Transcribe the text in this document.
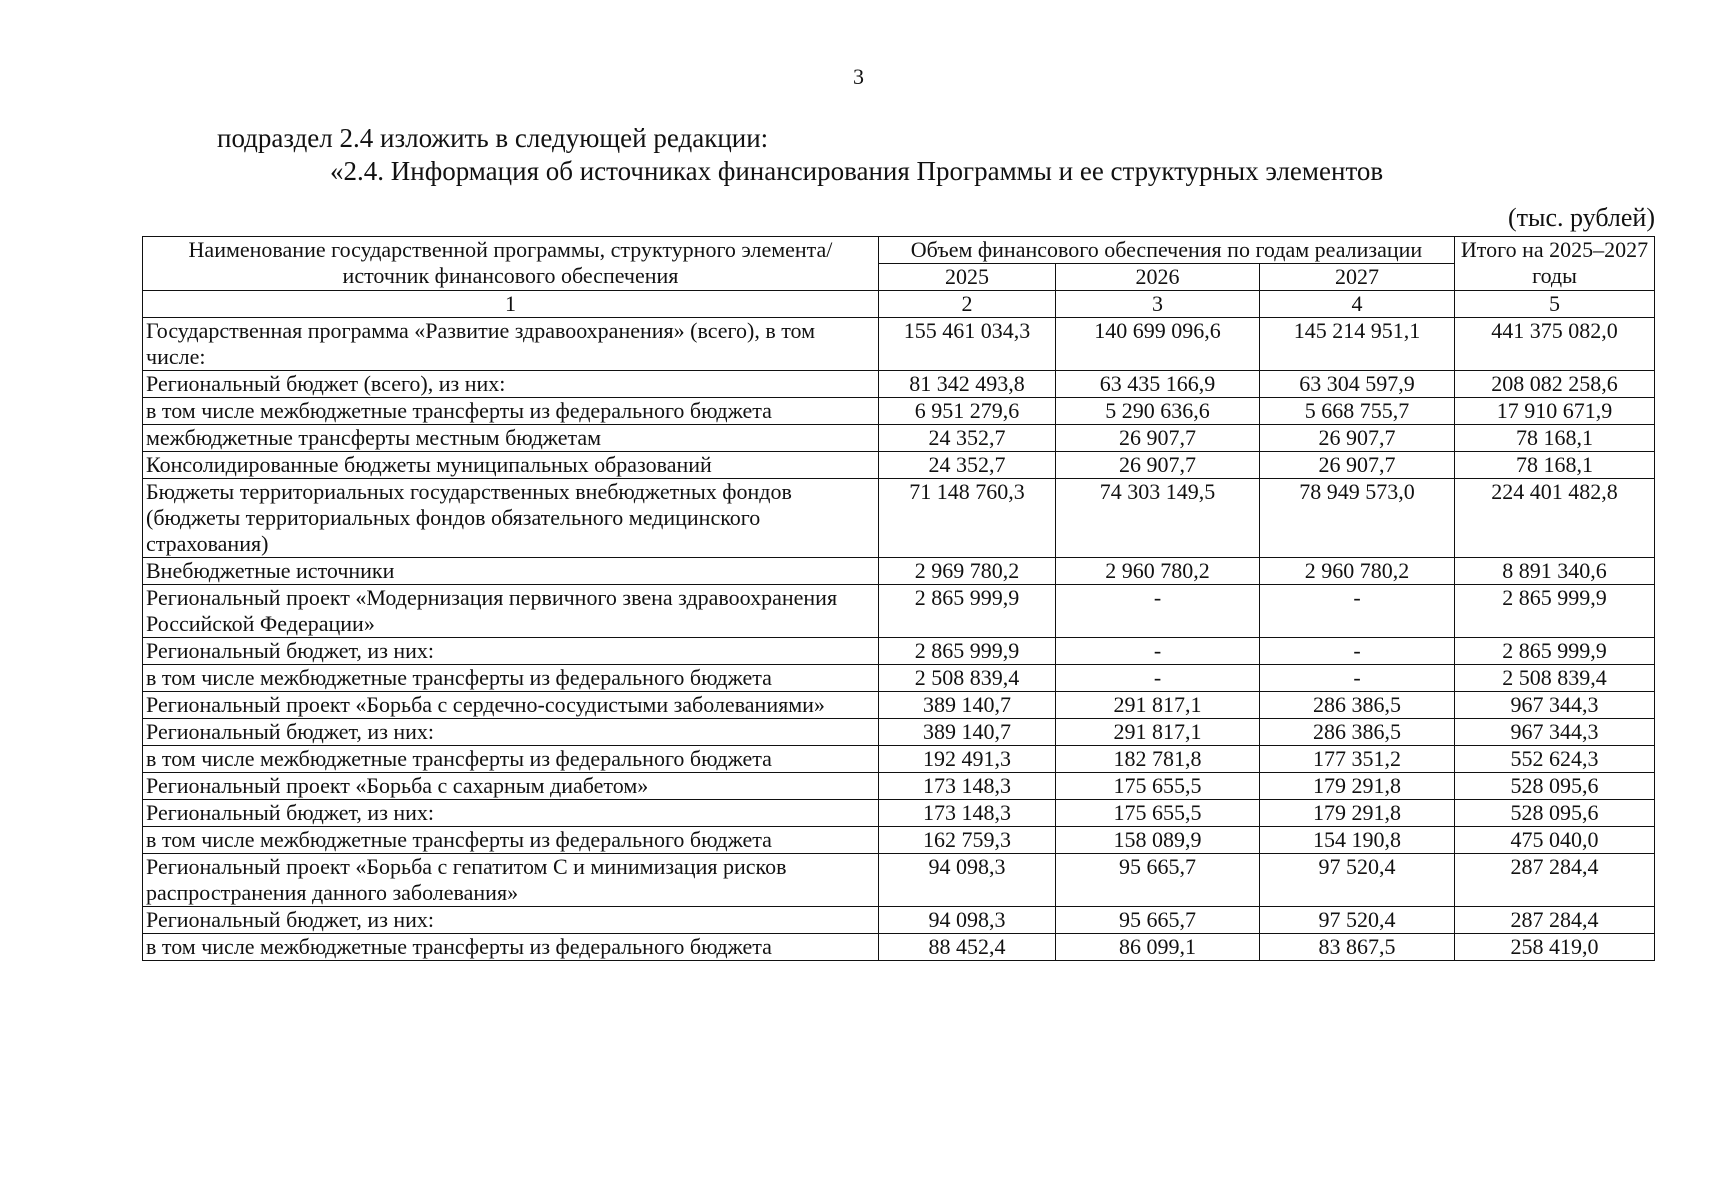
3
подраздел 2.4 изложить в следующей редакции:
«2.4. Информация об источниках финансирования Программы и ее структурных элементов
(тыс. рублей)
Наименование государственной программы, структурного элемента/источник финансового обеспечения	Объем финансового обеспечения по годам реализации			Итого на 2025–2027 годы
	2025	2026	2027	
1	2	3	4	5
Государственная программа «Развитие здравоохранения» (всего), в том числе:	155 461 034,3	140 699 096,6	145 214 951,1	441 375 082,0
Региональный бюджет (всего), из них:	81 342 493,8	63 435 166,9	63 304 597,9	208 082 258,6
в том числе межбюджетные трансферты из федерального бюджета	6 951 279,6	5 290 636,6	5 668 755,7	17 910 671,9
межбюджетные трансферты местным бюджетам	24 352,7	26 907,7	26 907,7	78 168,1
Консолидированные бюджеты муниципальных образований	24 352,7	26 907,7	26 907,7	78 168,1
Бюджеты территориальных государственных внебюджетных фондов (бюджеты территориальных фондов обязательного медицинского страхования)	71 148 760,3	74 303 149,5	78 949 573,0	224 401 482,8
Внебюджетные источники	2 969 780,2	2 960 780,2	2 960 780,2	8 891 340,6
Региональный проект «Модернизация первичного звена здравоохранения Российской Федерации»	2 865 999,9	-	-	2 865 999,9
Региональный бюджет, из них:	2 865 999,9	-	-	2 865 999,9
в том числе межбюджетные трансферты из федерального бюджета	2 508 839,4	-	-	2 508 839,4
Региональный проект «Борьба с сердечно-сосудистыми заболеваниями»	389 140,7	291 817,1	286 386,5	967 344,3
Региональный бюджет, из них:	389 140,7	291 817,1	286 386,5	967 344,3
в том числе межбюджетные трансферты из федерального бюджета	192 491,3	182 781,8	177 351,2	552 624,3
Региональный проект «Борьба с сахарным диабетом»	173 148,3	175 655,5	179 291,8	528 095,6
Региональный бюджет, из них:	173 148,3	175 655,5	179 291,8	528 095,6
в том числе межбюджетные трансферты из федерального бюджета	162 759,3	158 089,9	154 190,8	475 040,0
Региональный проект «Борьба с гепатитом С и минимизация рисков распространения данного заболевания»	94 098,3	95 665,7	97 520,4	287 284,4
Региональный бюджет, из них:	94 098,3	95 665,7	97 520,4	287 284,4
в том числе межбюджетные трансферты из федерального бюджета	88 452,4	86 099,1	83 867,5	258 419,0
